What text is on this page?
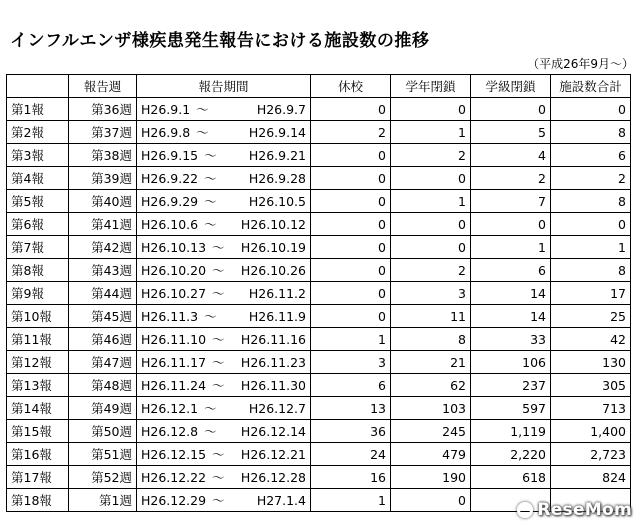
インフルエンザ様疾患発生報告における施設数の推移
（平成26年9月～）
	報告週	報告期間	休校	学年閉鎖	学級閉鎖	施設数合計
第1報	第36週	H26.9.1 ～ H26.9.7	0	0	0	0
第2報	第37週	H26.9.8 ～ H26.9.14	2	1	5	8
第3報	第38週	H26.9.15 ～ H26.9.21	0	2	4	6
第4報	第39週	H26.9.22 ～ H26.9.28	0	0	2	2
第5報	第40週	H26.9.29 ～ H26.10.5	0	1	7	8
第6報	第41週	H26.10.6 ～ H26.10.12	0	0	0	0
第7報	第42週	H26.10.13 ～ H26.10.19	0	0	1	1
第8報	第43週	H26.10.20 ～ H26.10.26	0	2	6	8
第9報	第44週	H26.10.27 ～ H26.11.2	0	3	14	17
第10報	第45週	H26.11.3 ～ H26.11.9	0	11	14	25
第11報	第46週	H26.11.10 ～ H26.11.16	1	8	33	42
第12報	第47週	H26.11.17 ～ H26.11.23	3	21	106	130
第13報	第48週	H26.11.24 ～ H26.11.30	6	62	237	305
第14報	第49週	H26.12.1 ～ H26.12.7	13	103	597	713
第15報	第50週	H26.12.8 ～ H26.12.14	36	245	1,119	1,400
第16報	第51週	H26.12.15 ～ H26.12.21	24	479	2,220	2,723
第17報	第52週	H26.12.22 ～ H26.12.28	16	190	618	824
第18報	第1週	H26.12.29 ～ H27.1.4	1	0			ReseMom
